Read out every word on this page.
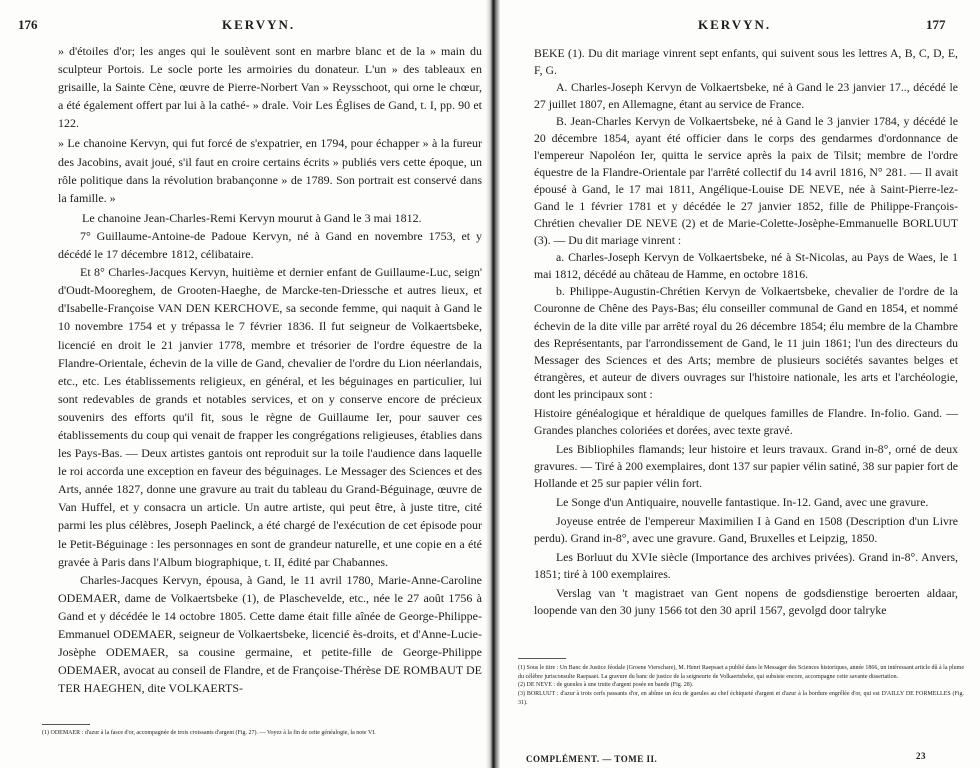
176	KERVYN.

» d'étoiles d'or; les anges qui le soulèvent sont en marbre blanc et de la » main du sculpteur Portois. Le socle porte les armoiries du donateur. L'un » des tableaux en grisaille, la Sainte Cène, œuvre de Pierre-Norbert Van » Reysschoot, qui orne le chœur, a été également offert par lui à la cathé- » drale. Voir Les Églises de Gand, t. I, pp. 90 et 122.

» Le chanoine Kervyn, qui fut forcé de s'expatrier, en 1794, pour échapper » à la fureur des Jacobins, avait joué, s'il faut en croire certains écrits » publiés vers cette époque, un rôle politique dans la révolution brabançonne » de 1789. Son portrait est conservé dans la famille. »

Le chanoine Jean-Charles-Remi Kervyn mourut à Gand le 3 mai 1812.

7° Guillaume-Antoine-de Padoue Kervyn, né à Gand en novembre 1753, et y décédé le 17 décembre 1812, célibataire.

Et 8° Charles-Jacques Kervyn, huitième et dernier enfant de Guillaume-Luc, seign' d'Oudt-Mooreghem, de Grooten-Haeghe, de Marcke-ten-Driessche et autres lieux, et d'Isabelle-Françoise VAN DEN KERCHOVE, sa seconde femme, qui naquit à Gand le 10 novembre 1754 et y trépassa le 7 février 1836. Il fut seigneur de Volkaertsbeke, licencié en droit le 21 janvier 1778, membre et trésorier de l'ordre équestre de la Flandre-Orientale, échevin de la ville de Gand, chevalier de l'ordre du Lion néerlandais, etc., etc. Les établissements religieux, en général, et les béguinages en particulier, lui sont redevables de grands et notables services, et on y conserve encore de précieux souvenirs des efforts qu'il fit, sous le règne de Guillaume Ier, pour sauver ces établissements du coup qui venait de frapper les congrégations religieuses, établies dans les Pays-Bas. — Deux artistes gantois ont reproduit sur la toile l'audience dans laquelle le roi accorda une exception en faveur des béguinages. Le Messager des Sciences et des Arts, année 1827, donne une gravure au trait du tableau du Grand-Béguinage, œuvre de Van Huffel, et y consacra un article. Un autre artiste, qui peut être, à juste titre, cité parmi les plus célèbres, Joseph Paelinck, a été chargé de l'exécution de cet épisode pour le Petit-Béguinage : les personnages en sont de grandeur naturelle, et une copie en a été gravée à Paris dans l'Album biographique, t. II, édité par Chabannes.

Charles-Jacques Kervyn, épousa, à Gand, le 11 avril 1780, Marie-Anne-Caroline ODEMAER, dame de Volkaertsbeke (1), de Plaschevelde, etc., née le 27 août 1756 à Gand et y décédée le 14 octobre 1805. Cette dame était fille aînée de George-Philippe-Emmanuel ODEMAER, seigneur de Volkaertsbeke, licencié ès-droits, et d'Anne-Lucie-Josèphe ODEMAER, sa cousine germaine, et petite-fille de George-Philippe ODEMAER, avocat au conseil de Flandre, et de Françoise-Thérèse DE ROMBAUT DE TER HAEGHEN, dite VOLKAERTS-

(1) ODEMAER : d'azur à la fasce d'or, accompagnée de trois croissants d'argent (Fig. 27). — Voyez à la fin de cette généalogie, la note VI.

KERVYN.	177

BEKE (1). Du dit mariage vinrent sept enfants, qui suivent sous les lettres A, B, C, D, E, F, G.

A. Charles-Joseph Kervyn de Volkaertsbeke, né à Gand le 23 janvier 17.., décédé le 27 juillet 1807, en Allemagne, étant au service de France.

B. Jean-Charles Kervyn de Volkaertsbeke, né à Gand le 3 janvier 1784, y décédé le 20 décembre 1854, ayant été officier dans le corps des gendarmes d'ordonnance de l'empereur Napoléon Ier, quitta le service après la paix de Tilsit; membre de l'ordre équestre de la Flandre-Orientale par l'arrêté collectif du 14 avril 1816, N° 281. — Il avait épousé à Gand, le 17 mai 1811, Angélique-Louise DE NEVE, née à Saint-Pierre-lez-Gand le 1 février 1781 et y décédée le 27 janvier 1852, fille de Philippe-François-Chrétien chevalier DE NEVE (2) et de Marie-Colette-Josèphe-Emmanuelle BORLUUT (3). — Du dit mariage vinrent :

a. Charles-Joseph Kervyn de Volkaertsbeke, né à St-Nicolas, au Pays de Waes, le 1 mai 1812, décédé au château de Hamme, en octobre 1816.

b. Philippe-Augustin-Chrétien Kervyn de Volkaertsbeke, chevalier de l'ordre de la Couronne de Chêne des Pays-Bas; élu conseiller communal de Gand en 1854, et nommé échevin de la dite ville par arrêté royal du 26 décembre 1854; élu membre de la Chambre des Représentants, par l'arrondissement de Gand, le 11 juin 1861; l'un des directeurs du Messager des Sciences et des Arts; membre de plusieurs sociétés savantes belges et étrangères, et auteur de divers ouvrages sur l'histoire nationale, les arts et l'archéologie, dont les principaux sont :

Histoire généalogique et héraldique de quelques familles de Flandre. In-folio. Gand. — Grandes planches coloriées et dorées, avec texte gravé.

Les Bibliophiles flamands; leur histoire et leurs travaux. Grand in-8°, orné de deux gravures. — Tiré à 200 exemplaires, dont 137 sur papier vélin satiné, 38 sur papier fort de Hollande et 25 sur papier vélin fort.

Le Songe d'un Antiquaire, nouvelle fantastique. In-12. Gand, avec une gravure.

Joyeuse entrée de l'empereur Maximilien I à Gand en 1508 (Description d'un Livre perdu). Grand in-8°, avec une gravure. Gand, Bruxelles et Leipzig, 1850.

Les Borluut du XVIe siècle (Importance des archives privées). Grand in-8°. Anvers, 1851; tiré à 100 exemplaires.

Verslag van 't magistraet van Gent nopens de godsdienstige beroerten aldaar, loopende van den 30 juny 1566 tot den 30 april 1567, gevolgd door talryke

(1) Sous le titre : Un Banc de Justice féodale (Groene Vierschare), M. Henri Raepsaet a publié dans le Messager des Sciences historiques, année 1866, un intéressant article dû à la plume du célèbre jurisconsulte Raepsaet. La gravure du banc de justice de la seigneurie de Volkaertsbeke, qui subsiste encore, accompagne cette savante dissertation.

(2) DE NEVE : de gueules à une truite d'argent posée en bande (Fig. 28).

(3) BORLUUT : d'azur à trois cerfs passants d'or, en abîme un écu de gueules au chef échiqueté d'argent et d'azur à la bordure engrêlée d'or, qui est D'AILLY DE FORMELLES (Fig. 31).

COMPLÉMENT. — TOME II.	23
